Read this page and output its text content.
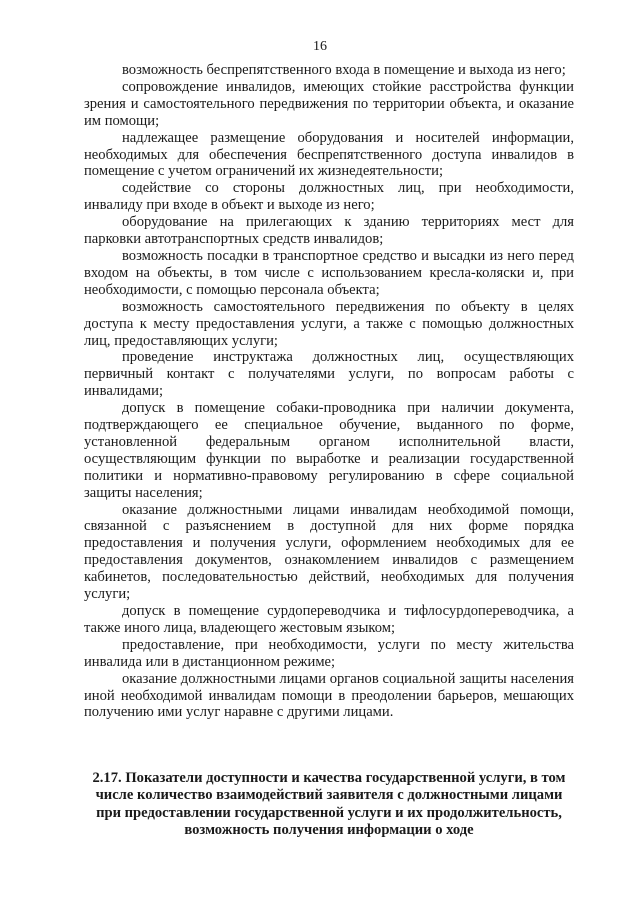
16

возможность беспрепятственного входа в помещение и выхода из него;

сопровождение инвалидов, имеющих стойкие расстройства функции зрения и самостоятельного передвижения по территории объекта, и оказание им помощи;

надлежащее размещение оборудования и носителей информации, необходимых для обеспечения беспрепятственного доступа инвалидов в помещение с учетом ограничений их жизнедеятельности;

содействие со стороны должностных лиц, при необходимости, инвалиду при входе в объект и выходе из него;

оборудование на прилегающих к зданию территориях мест для парковки автотранспортных средств инвалидов;

возможность посадки в транспортное средство и высадки из него перед входом на объекты, в том числе с использованием кресла-коляски и, при необходимости, с помощью персонала объекта;

возможность самостоятельного передвижения по объекту в целях доступа к месту предоставления услуги, а также с помощью должностных лиц, предоставляющих услуги;

проведение инструктажа должностных лиц, осуществляющих первичный контакт с получателями услуги, по вопросам работы с инвалидами;

допуск в помещение собаки-проводника при наличии документа, подтверждающего ее специальное обучение, выданного по форме, установленной федеральным органом исполнительной власти, осуществляющим функции по выработке и реализации государственной политики и нормативно-правовому регулированию в сфере социальной защиты населения;

оказание должностными лицами инвалидам необходимой помощи, связанной с разъяснением в доступной для них форме порядка предоставления и получения услуги, оформлением необходимых для ее предоставления документов, ознакомлением инвалидов с размещением кабинетов, последовательностью действий, необходимых для получения услуги;

допуск в помещение сурдопереводчика и тифлосурдопереводчика, а также иного лица, владеющего жестовым языком;

предоставление, при необходимости, услуги по месту жительства инвалида или в дистанционном режиме;

оказание должностными лицами органов социальной защиты населения иной необходимой инвалидам помощи в преодолении барьеров, мешающих получению ими услуг наравне с другими лицами.

2.17. Показатели доступности и качества государственной услуги, в том числе количество взаимодействий заявителя с должностными лицами при предоставлении государственной услуги и их продолжительность, возможность получения информации о ходе
